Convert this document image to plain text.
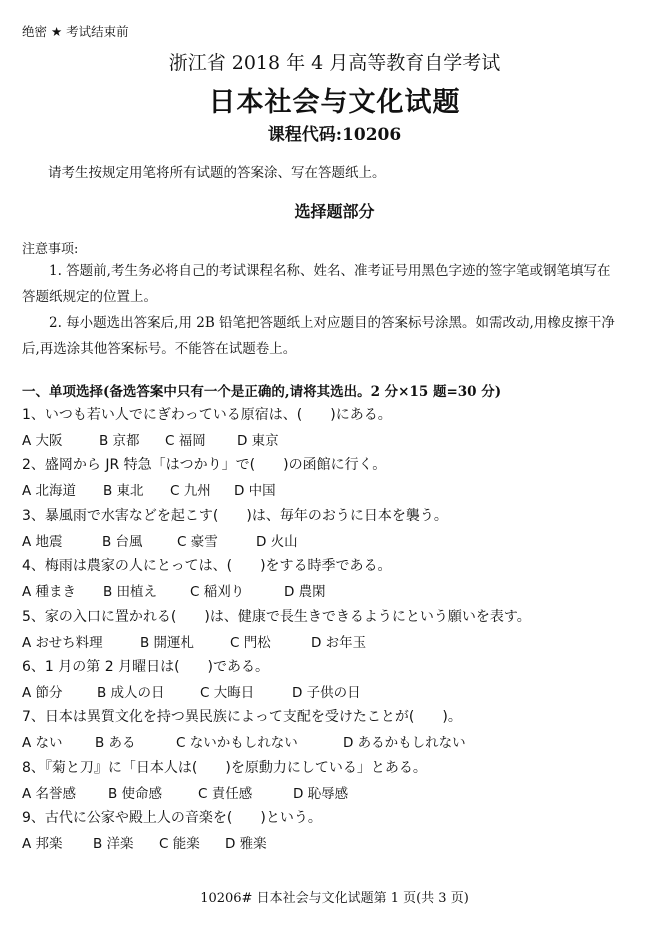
绝密 ★ 考试结束前
浙江省 2018 年 4 月高等教育自学考试
日本社会与文化试题
课程代码:10206
请考生按规定用笔将所有试题的答案涂、写在答题纸上。
选择题部分
注意事项:
1. 答题前,考生务必将自己的考试课程名称、姓名、准考证号用黑色字迹的签字笔或钢笔填写在答题纸规定的位置上。
2. 每小题选出答案后,用 2B 铅笔把答题纸上对应题目的答案标号涂黑。如需改动,用橡皮擦干净后,再选涂其他答案标号。不能答在试题卷上。
一、单项选择(备选答案中只有一个是正确的,请将其选出。2 分×15 题=30 分)
1、いつも若い人でにぎわっている原宿は、(　　)にある。
A 大阪	B 京都 C 福岡 D 東京
2、盛岡から JR 特急「はつかり」で(　　)の函館に行く。
A 北海道 B 東北 C 九州 D 中国
3、暴風雨で水害などを起こす(　　)は、毎年のおうに日本を襲う。
A 地震	B 台風	C 豪雪	D 火山
4、梅雨は農家の人にとっては、(　　)をする時季である。
A 種まき B 田植え C 稲刈り	D 農閑
5、家の入口に置かれる(　　)は、健康で長生きできるようにという願いを表す。
A おせち料理	B 開運札	C 門松	D お年玉
6、1 月の第 2 月曜日は(　　)である。
A 節分	B 成人の日	C 大晦日	D 子供の日
7、日本は異質文化を持つ異民族によって支配を受けたことが(　　)。
A ない B ある	C ないかもしれない	D あるかもしれない
8、『菊と刀』に「日本人は(　　)を原動力にしている」とある。
A 名誉感 B 使命感	C 責任感	D 恥辱感
9、古代に公家や殿上人の音楽を(　　)という。
A 邦楽 B 洋楽 C 能楽 D 雅楽
10206# 日本社会与文化试题第 1 页(共 3 页)
